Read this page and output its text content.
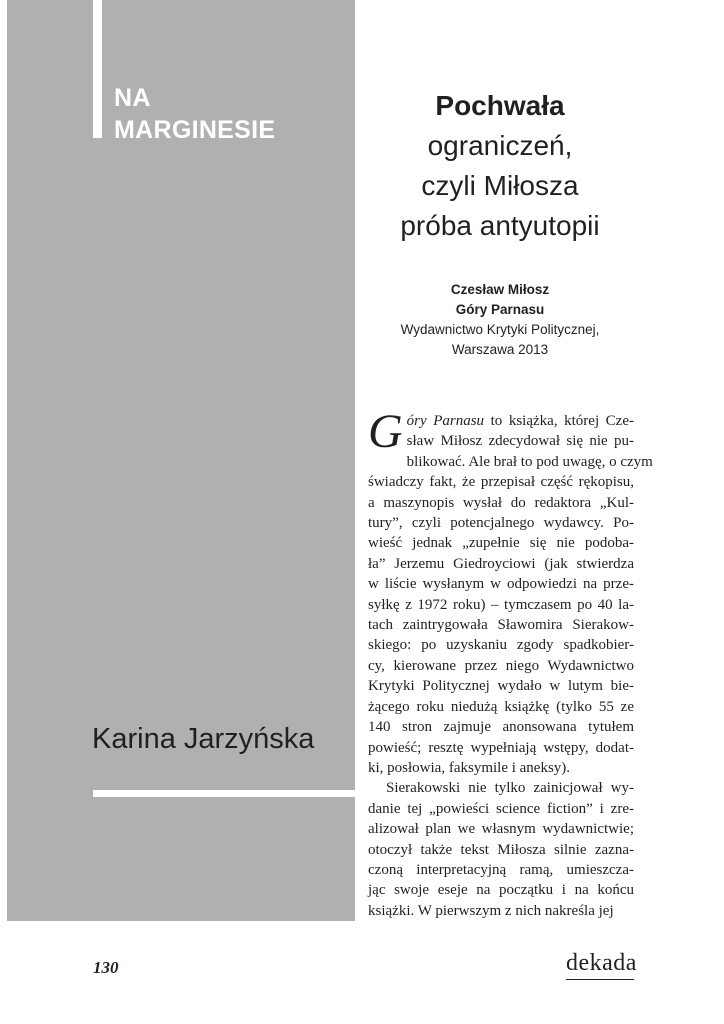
NA
MARGINESIE
Karina Jarzyńska
Pochwała
ograniczeń,
czyli Miłosza
próba antyutopii
Czesław Miłosz
Góry Parnasu
Wydawnictwo Krytyki Politycznej,
Warszawa 2013
G óry Parnasu to książka, której Cze-
sław Miłosz zdecydował się nie pu-
blikować. Ale brał to pod uwagę, o czym
świadczy fakt, że przepisał część rękopisu,
a maszynopis wysłał do redaktora „Kul-
tury”, czyli potencjalnego wydawcy. Po-
wieść jednak „zupełnie się nie podoba-
ła” Jerzemu Giedroyciowi (jak stwierdza
w liście wysłanym w odpowiedzi na prze-
syłkę z 1972 roku) – tymczasem po 40 la-
tach zaintrygowała Sławomira Sierakow-
skiego: po uzyskaniu zgody spadkobier-
cy, kierowane przez niego Wydawnictwo
Krytyki Politycznej wydało w lutym bie-
żącego roku niedużą książkę (tylko 55 ze
140 stron zajmuje anonsowana tytułem
powieść; resztę wypełniają wstępy, dodat-
ki, posłowia, faksymile i aneksy).
Sierakowski nie tylko zainicjował wy-
danie tej „powieści science fiction” i zre-
alizował plan we własnym wydawnictwie;
otoczył także tekst Miłosza silnie zazna-
czoną interpretacyjną ramą, umieszcza-
jąc swoje eseje na początku i na końcu
książki. W pierwszym z nich nakreśla jej
130	dekada
